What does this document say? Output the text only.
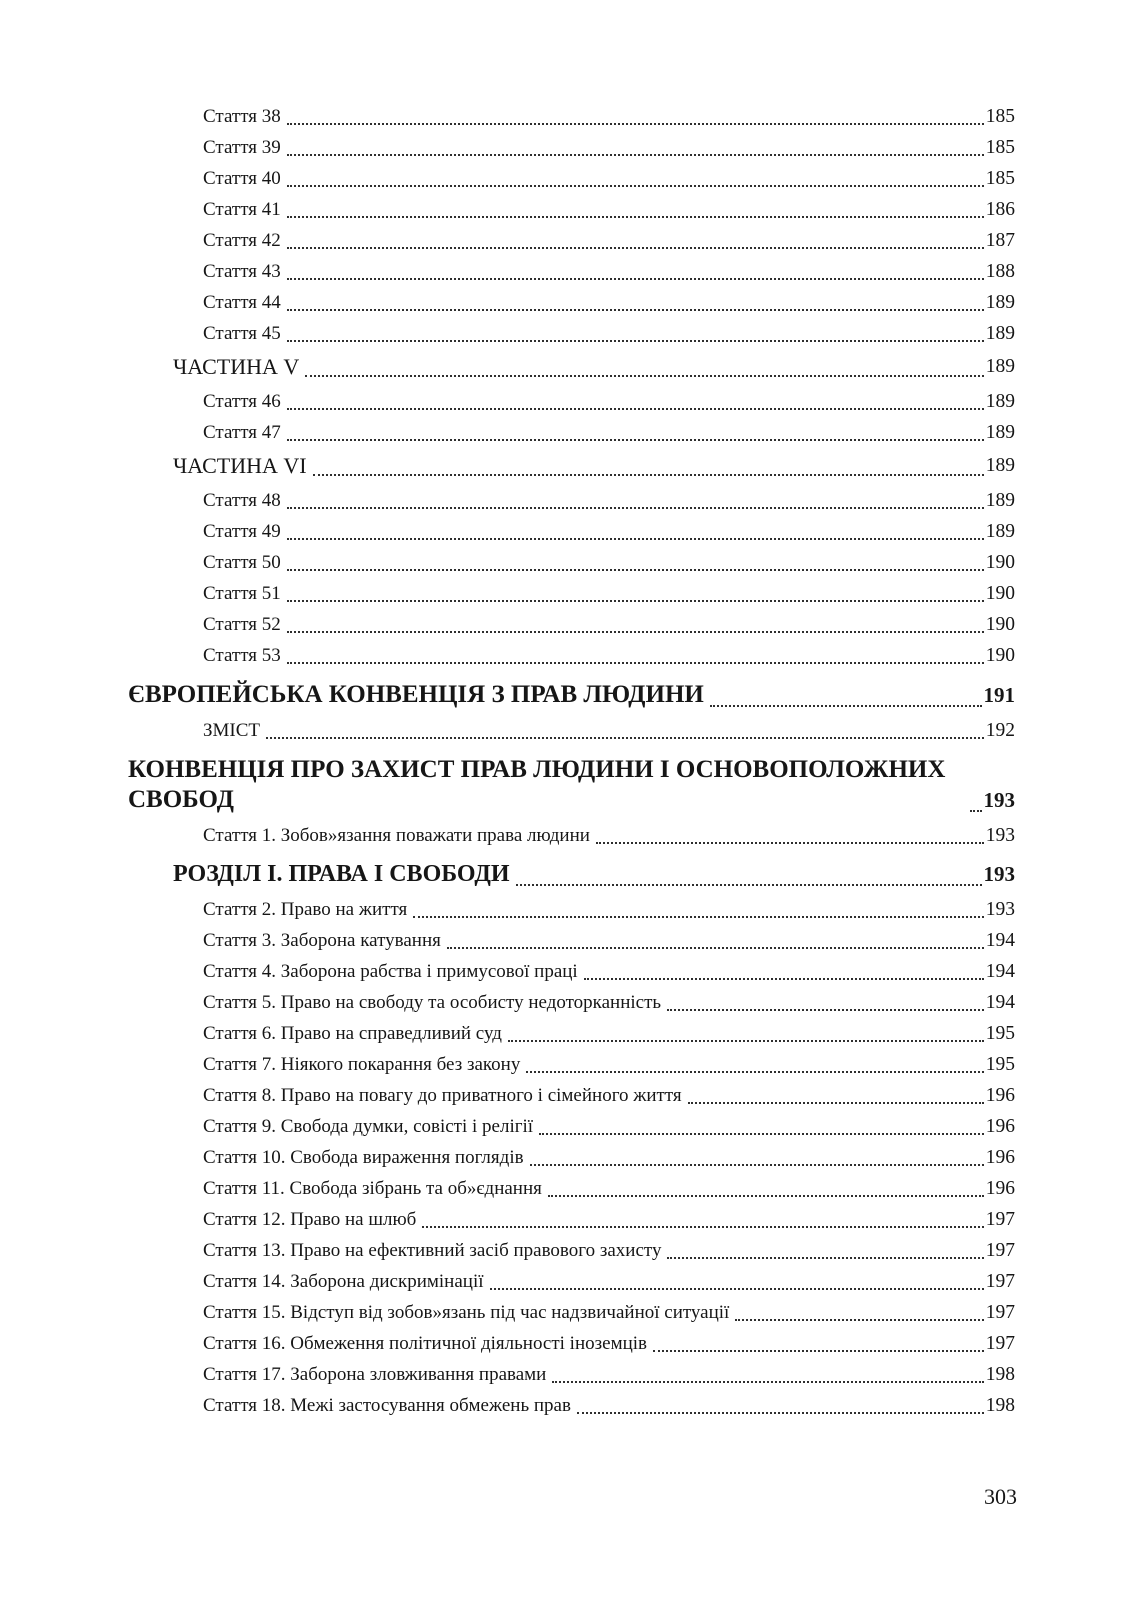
Стаття 38	185
Стаття 39	185
Стаття 40	185
Стаття 41	186
Стаття 42	187
Стаття 43	188
Стаття 44	189
Стаття 45	189
ЧАСТИНА V	189
Стаття 46	189
Стаття 47	189
ЧАСТИНА VI	189
Стаття 48	189
Стаття 49	189
Стаття 50	190
Стаття 51	190
Стаття 52	190
Стаття 53	190
ЄВРОПЕЙСЬКА КОНВЕНЦІЯ З ПРАВ ЛЮДИНИ	191
ЗМІСТ	192
КОНВЕНЦІЯ ПРО ЗАХИСТ ПРАВ ЛЮДИНИ І ОСНОВОПОЛОЖНИХ СВОБОД	193
Стаття 1. Зобов»язання поважати права людини	193
РОЗДІЛ І. ПРАВА І СВОБОДИ	193
Стаття 2. Право на життя	193
Стаття 3. Заборона катування	194
Стаття 4. Заборона рабства і примусової праці	194
Стаття 5. Право на свободу та особисту недоторканність	194
Стаття 6. Право на справедливий суд	195
Стаття 7. Ніякого покарання без закону	195
Стаття 8. Право на повагу до приватного і сімейного життя	196
Стаття 9. Свобода думки, совісті і релігії	196
Стаття 10. Свобода вираження поглядів	196
Стаття 11. Свобода зібрань та об»єднання	196
Стаття 12. Право на шлюб	197
Стаття 13. Право на ефективний засіб правового захисту	197
Стаття 14. Заборона дискримінації	197
Стаття 15. Відступ від зобов»язань під час надзвичайної ситуації	197
Стаття 16. Обмеження політичної діяльності іноземців	197
Стаття 17. Заборона зловживання правами	198
Стаття 18. Межі застосування обмежень прав	198
303
